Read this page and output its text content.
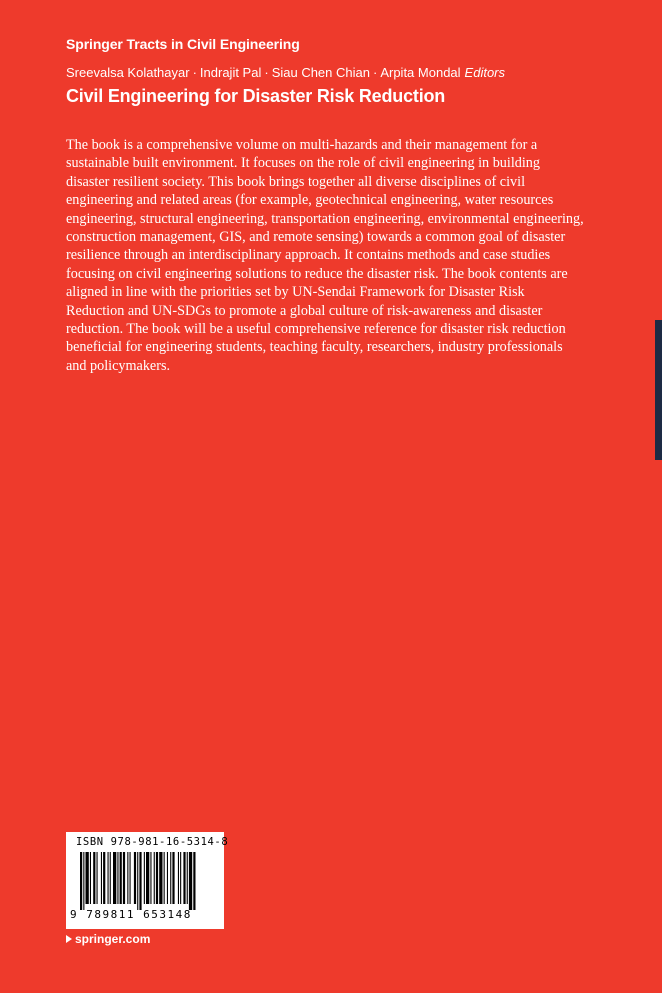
Springer Tracts in Civil Engineering
Sreevalsa Kolathayar · Indrajit Pal · Siau Chen Chian · Arpita Mondal Editors
Civil Engineering for Disaster Risk Reduction

The book is a comprehensive volume on multi-hazards and their management for a sustainable built environment. It focuses on the role of civil engineering in building disaster resilient society. This book brings together all diverse disciplines of civil engineering and related areas (for example, geotechnical engineering, water resources engineering, structural engineering, transportation engineering, environmental engineering, construction management, GIS, and remote sensing) towards a common goal of disaster resilience through an interdisciplinary approach. It contains methods and case studies focusing on civil engineering solutions to reduce the disaster risk. The book contents are aligned in line with the priorities set by UN-Sendai Framework for Disaster Risk Reduction and UN-SDGs to promote a global culture of risk-awareness and disaster reduction. The book will be a useful comprehensive reference for disaster risk reduction beneficial for engineering students, teaching faculty, researchers, industry professionals and policymakers.

ISBN 978-981-16-5314-8
9 789811 653148
springer.com
